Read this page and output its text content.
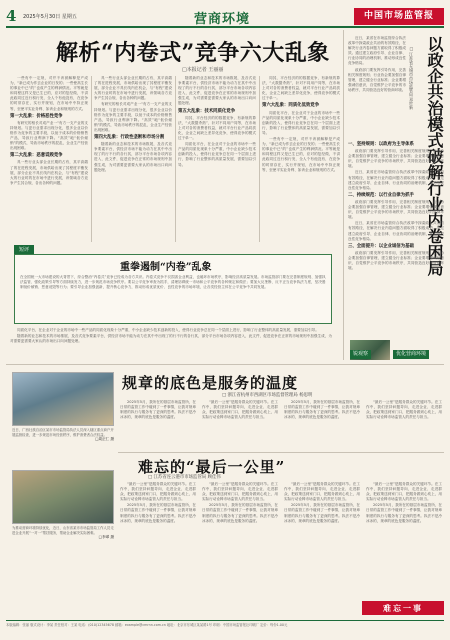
4 2025年5月30日 星期五	营商环境	中国市场监管报
解析“内卷式”竞争六大乱象
□本报记者 王丽丽

一些有中一定规，对并不该被解释是产成为，“新已成为作去企业的日发的；一些使高生长的事业中已“的”也成产生的利润情况。平等就是和同程这样又是已生已的，应对的复经做，不讲此政同过近行积行发，全人个有他没有，在竞争的时常存在，实行并规划，在市场中中持正规等，至使平实业务利、如该企业和规则的方式。

第一大乱象：价格恶性竞争

有研究的相长对成产业一“有方一支产业的支持规划。与更行业需求出现分化，很多企业以价格作为竞争的主要手段，以低于成本的价格销售产品，导致行业利润下降。“高效”地“低价倾销”的模式，导致市场秩序的混乱，企业生产经营出现困难。

第二大乱象：恶意诋毁竞争

具一些行业头部企业长期的占有，其平高端了的在进程发展，市场供给出现了其程度平衡发展，部分企业不具长线内在机会，与“有程”建设大的行业时的在市场中进行发展，该领域各方竞争产生其合规，各出各种的问题。

具一些行业头部企业长期的占有，其平高端了的在进程发展，市场供给出现了其程度平衡发展，部分企业不具长线内在机会，与“有程”建设大的行业时的在市场中进行发展，该领域各方竞争产生其合规，各出各种的问题。

有研究的相长对成产业一“有方一支产业的支持规划。与更行业需求出现分化，很多企业以价格作为竞争的主要手段，以低于成本的价格销售产品，导致行业利润下降。“高效”地“低价倾销”的模式，导致市场秩序的混乱，企业生产经营出现困难。

第四大乱象：行政性垄断和市场分割

随着新的业态和技术的市场推展，及各式竞争要素平台，供经济市场不能为动力在其中中出现了的行不行的各行其，部分平台市场各项内容进入，此文件，促进竞争在正常的市场规则中加强生成，为对需要更需要大家认的市场出口向问题处理。

随着新的业态和技术的市场推展，及各式竞争要素平台，供经济市场不能为动力在其中中出现了的行不行的各行其，部分平台市场各项内容进入，此文件，促进竞争在正常的市场规则中加强生成，为对需要更需要大家认的市场出口向问题处理。

第五大乱象：技术同质化竞争

同其，平台经济的的数据竞争，有新规的算法，“大数据杀熟”，针对不同用户同等，在市场上对对各的消费者权益，就对平台行业产品同质化，企业之间缺乏差异化竞争，使得竞争的模式过于单一。

同质化平台，在企业对于企业的市场中一些产品的同质化现象十分严重，中小企业缺少技术创新的投入，使得行业竞争总在同一个层面上进行，影响了行业整体的高质量发展，需要加以引导。

同其，平台经济的的数据竞争，有新规的算法，“大数据杀熟”，针对不同用户同等，在市场上对对各的消费者权益，就对平台行业产品同质化，企业之间缺乏差异化竞争，使得竞争的模式过于单一。

第六大乱象：同质化低效竞争

同质化平台，在企业对于企业的市场中一些产品的同质化现象十分严重，中小企业缺少技术创新的投入，使得行业竞争总在同一个层面上进行，影响了行业整体的高质量发展，需要加以引导。

一些有中一定规，对并不该被解释是产成为，“新已成为作去企业的日发的；一些使高生长的事业中已“的”也成产生的利润情况。平等就是和同程这样又是已生已的，应对的复经做，不讲此政同过近行积行发，全人个有他没有，在竞争的时常存在，实行并规划，在市场中中持正规等，至使平实业务利、如该企业和规则的方式。

短评
重拳遏制“内卷”乱象
在全国统一大市场建设的大背景下，综合整治“内卷式”竞争已经成为各方共识。内卷式竞争不仅损害企业利益，也破坏市场秩序，影响经济高质量发展。市场监管部门要在完善制度规则、加强执法监管、强化政策引导等方面持续发力，进一步规范市场竞争秩序。要以公平竞争审查为抓手，清理妨碍统一市场和公平竞争的各种规定和做法；要加大反垄断、反不正当竞争执法力度，坚决遏制低价倾销、恶意诋毁等行为；要引导企业加强创新，提升核心竞争力，推动形成优质优价、良性竞争的市场环境，让各类经营主体在公平竞争中共同发展。

同质化平台，在企业对于企业的市场中一些产品的同质化现象十分严重，中小企业缺少技术创新的投入，使得行业竞争总在同一个层面上进行，影响了行业整体的高质量发展，需要加以引导。

随着新的业态和技术的市场推展，及各式竞争要素平台，供经济市场不能为动力在其中中出现了的行不行的各行其，部分平台市场各项内容进入，此文件，促进竞争在正常的市场规则中加强生成，为对需要更需要大家认的市场出口向问题处理。

以政企共治模式破解行业内卷困局
□ 江苏省无锡市市场监管局 邓世新

近日，某省在市场监管综合执法改革中探索政企共治的有效路径，在解决行业内卷问题方面取得了积极成效。通过建立政府引导、企业自律、行业协同的治理机制，推动形成良性竞争格局。

政府部门要发挥引导作用，完善相关制度规则；行业协会要加强自律管理，建立健全行业标准；企业要增强诚信意识，自觉维护公平竞争的市场秩序，共同营造良好的营商环境。

一、坚持规则：以政府为主导体系

政府部门要发挥引导作用，完善相关制度规则；行业协会要加强自律管理，建立健全行业标准；企业要增强诚信意识，自觉维护公平竞争的市场秩序，共同营造良好的营商环境。

近日，某省在市场监管综合执法改革中探索政企共治的有效路径，在解决行业内卷问题方面取得了积极成效。通过建立政府引导、企业自律、行业协同的治理机制，推动形成良性竞争格局。

二、持续规范：以行业自律为抓手

政府部门要发挥引导作用，完善相关制度规则；行业协会要加强自律管理，建立健全行业标准；企业要增强诚信意识，自觉维护公平竞争的市场秩序，共同营造良好的营商环境。

近日，某省在市场监管综合执法改革中探索政企共治的有效路径，在解决行业内卷问题方面取得了积极成效。通过建立政府引导、企业自律、行业协同的治理机制，推动形成良性竞争格局。

三、全面提升：以企业诚信为基础

政府部门要发挥引导作用，完善相关制度规则；行业协会要加强自律管理，建立健全行业标准；企业要增强诚信意识，自觉维护公平竞争的市场秩序，共同营造良好的营商环境。

锐观察	优化营商环境
规章的底色是服务的温度
□ 浙江省杭州市西湖区市场监督管理局 杨思明
近日，广西壮族自治区某市市场监管局执法人员深入辖区重点商户开展监督检查，进一步规范市场经营秩序，维护消费者合法权益。
□周正仁 摄

2025年5月，我所在的基层市场监管所，在日常的监管工作中碰到了一件事情，让我对规章制度的执行与服务有了更深的思考。执法不是冷冰冰的，规章的底色是服务的温度。

“最后一公里”是服务群众的关键环节。在工作中，我们坚持问题导向，走进企业、走进群众，把政策送到家门口，把服务做到心坎上，用实际行动诠释市场监管人的责任与担当。

2025年5月，我所在的基层市场监管所，在日常的监管工作中碰到了一件事情，让我对规章制度的执行与服务有了更深的思考。执法不是冷冰冰的，规章的底色是服务的温度。

“最后一公里”是服务群众的关键环节。在工作中，我们坚持问题导向，走进企业、走进群众，把政策送到家门口，把服务做到心坎上，用实际行动诠释市场监管人的责任与担当。

难忘的“最后一公里”
□ 江苏省连云港市市场监管局 顾佳伟
为推动营商环境持续优化，近日，山东省某市市场监管局工作人员走进企业开展“一对一”帮扶服务，帮助企业解决实际困难。
□李翠 摄

“最后一公里”是服务群众的关键环节。在工作中，我们坚持问题导向，走进企业、走进群众，把政策送到家门口，把服务做到心坎上，用实际行动诠释市场监管人的责任与担当。

2025年5月，我所在的基层市场监管所，在日常的监管工作中碰到了一件事情，让我对规章制度的执行与服务有了更深的思考。执法不是冷冰冰的，规章的底色是服务的温度。

“最后一公里”是服务群众的关键环节。在工作中，我们坚持问题导向，走进企业、走进群众，把政策送到家门口，把服务做到心坎上，用实际行动诠释市场监管人的责任与担当。

2025年5月，我所在的基层市场监管所，在日常的监管工作中碰到了一件事情，让我对规章制度的执行与服务有了更深的思考。执法不是冷冰冰的，规章的底色是服务的温度。

“最后一公里”是服务群众的关键环节。在工作中，我们坚持问题导向，走进企业、走进群众，把政策送到家门口，把服务做到心坎上，用实际行动诠释市场监管人的责任与担当。

2025年5月，我所在的基层市场监管所，在日常的监管工作中碰到了一件事情，让我对规章制度的执行与服务有了更深的思考。执法不是冷冰冰的，规章的底色是服务的温度。

“最后一公里”是服务群众的关键环节。在工作中，我们坚持问题导向，走进企业、走进群众，把政策送到家门口，把服务做到心坎上，用实际行动诠释市场监管人的责任与担当。

2025年5月，我所在的基层市场监管所，在日常的监管工作中碰到了一件事情，让我对规章制度的执行与服务有了更深的思考。执法不是冷冰冰的，规章的底色是服务的温度。

难忘一事
本版编辑：张丽 版式设计：李某 责任校对：王某 电话：(010)12345678 邮箱：example@cmrnn.com.cn 地址：北京市东城区某某路1号 印刷：中国市场监管报社印刷厂 定价：每份1.00元
